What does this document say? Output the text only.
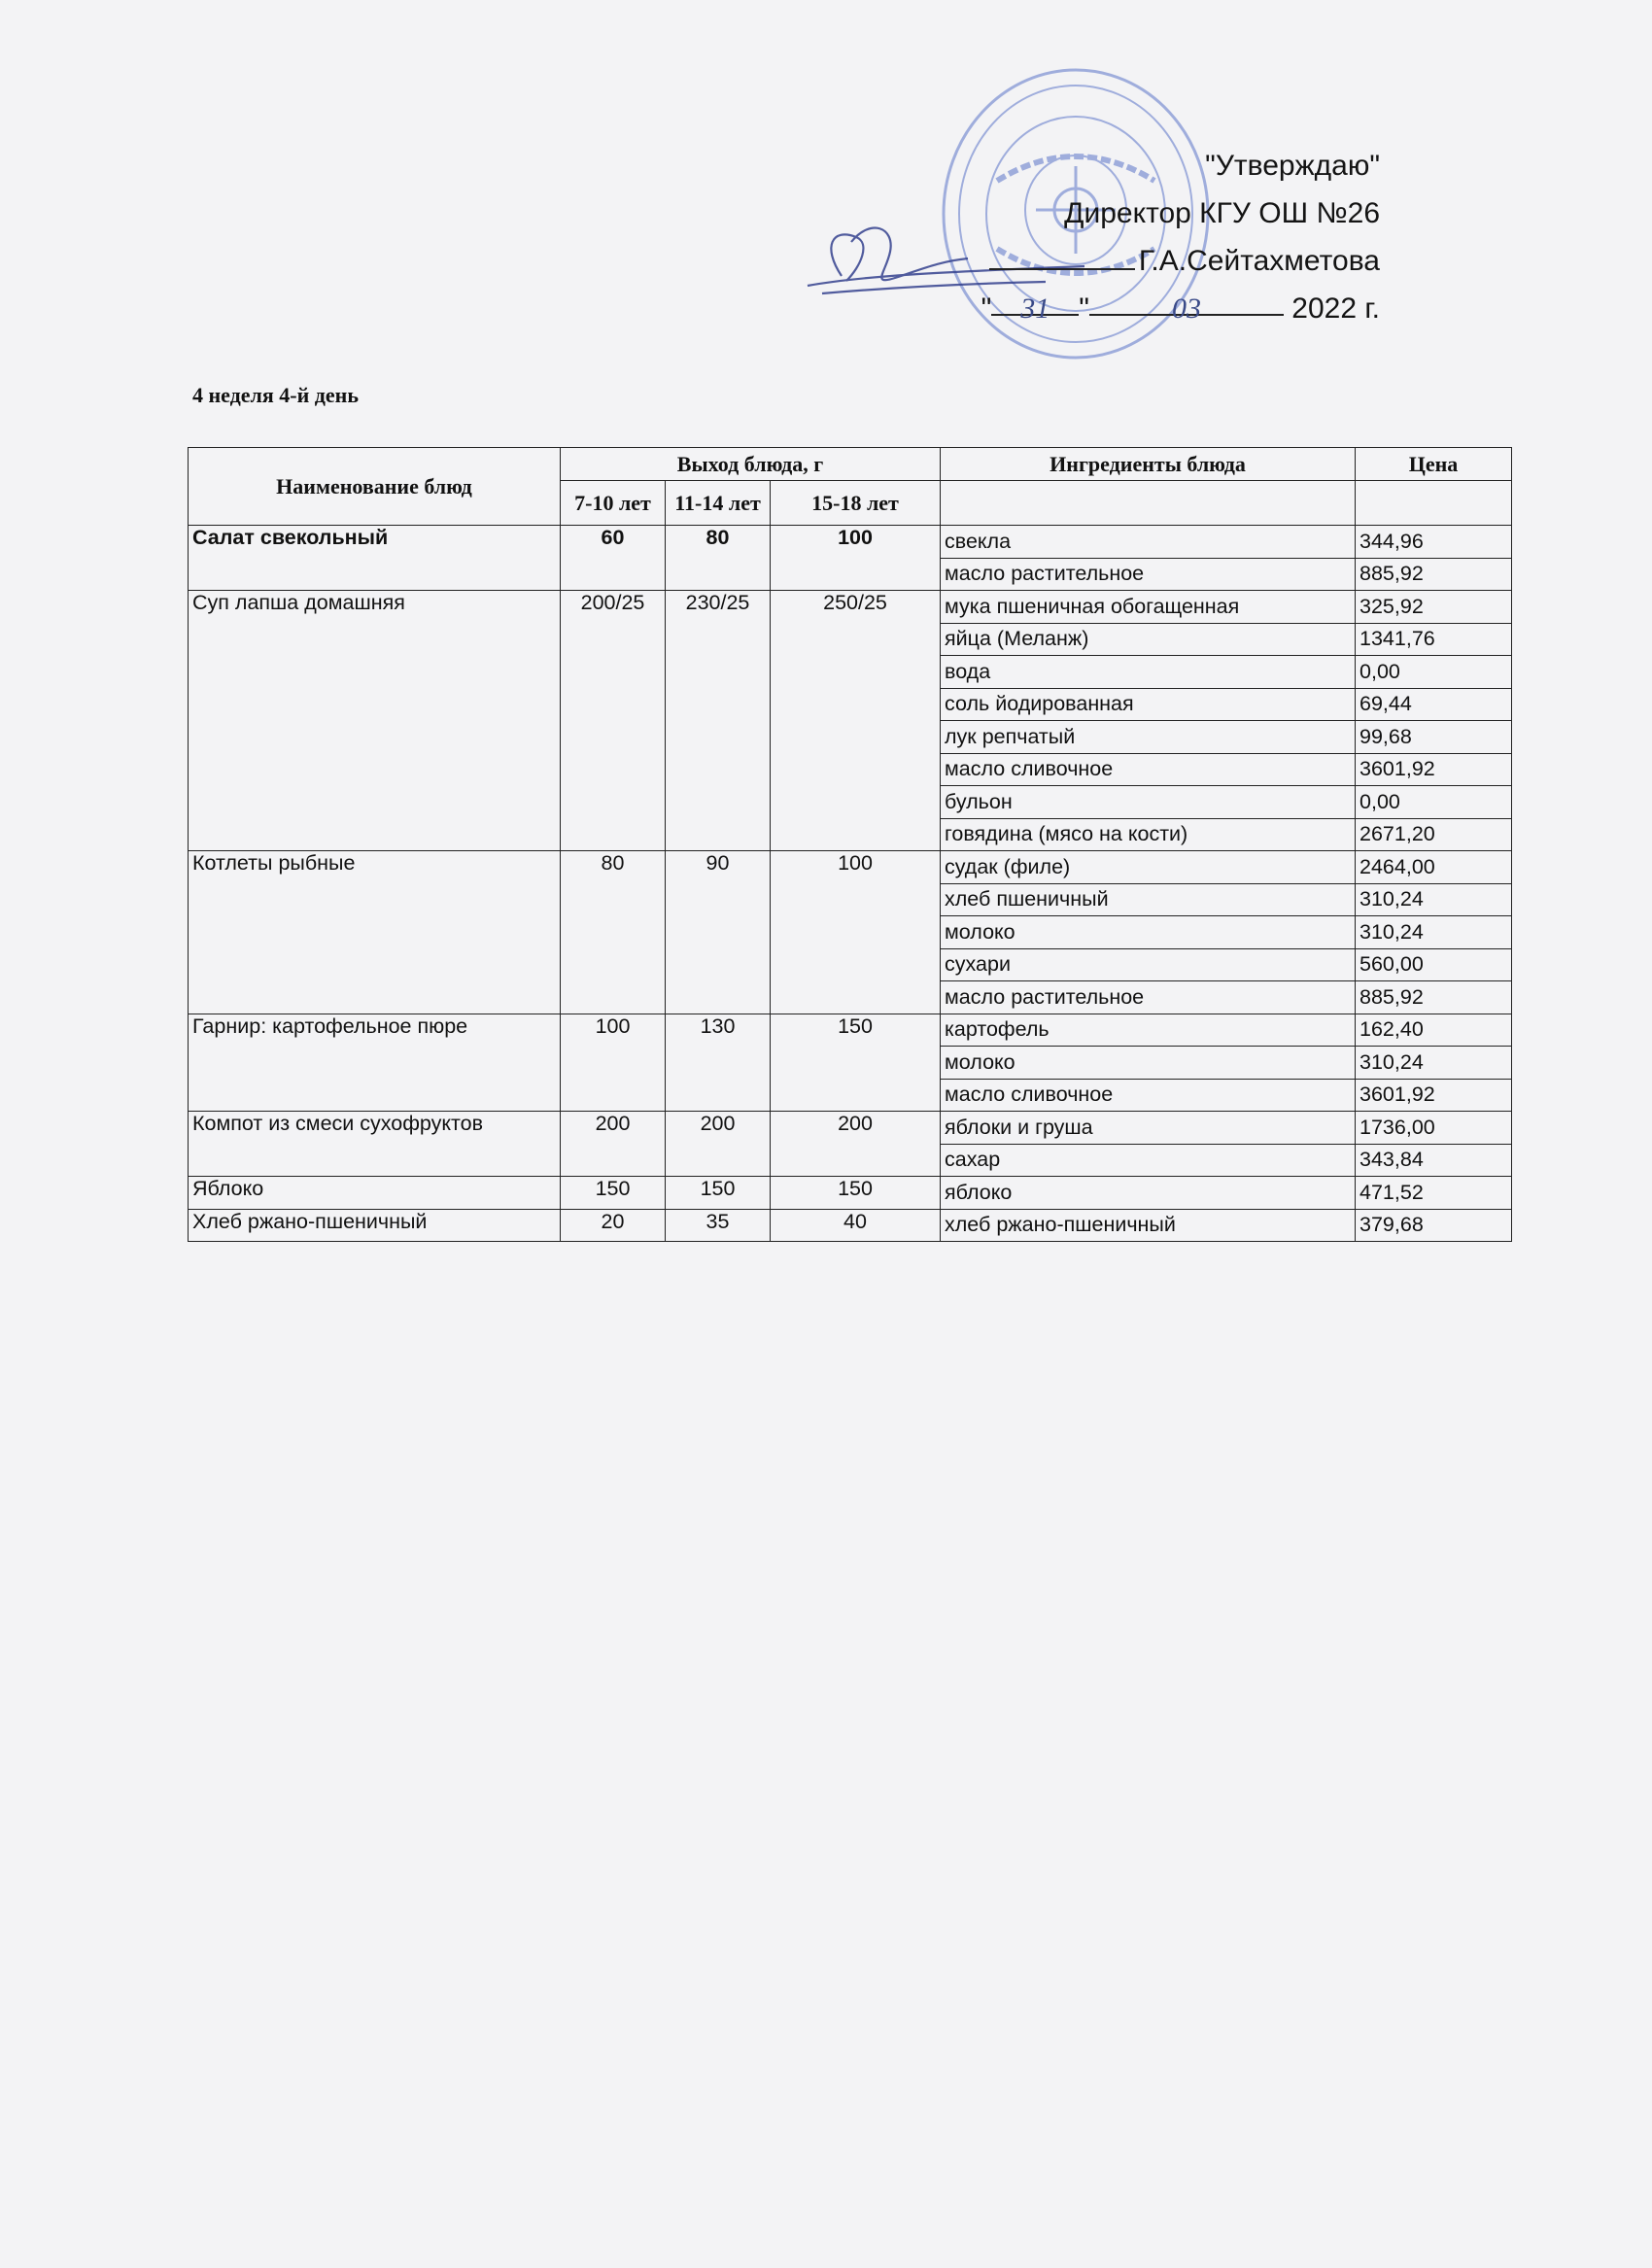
"Утверждаю"
Директор КГУ ОШ №26
Г.А.Сейтахметова
" 31 "	03	2022 г.
4 неделя 4-й день
Наименование блюд	Выход блюда, г			Ингредиенты блюда	Цена
	7-10 лет	11-14 лет	15-18 лет		
Салат свекольный	60	80	100	свекла	344,96
				масло растительное	885,92
Суп лапша домашняя	200/25	230/25	250/25	мука пшеничная обогащенная	325,92
				яйца (Меланж)	1341,76
				вода	0,00
				соль йодированная	69,44
				лук репчатый	99,68
				масло сливочное	3601,92
				бульон	0,00
				говядина (мясо на кости)	2671,20
Котлеты рыбные	80	90	100	судак (филе)	2464,00
				хлеб пшеничный	310,24
				молоко	310,24
				сухари	560,00
				масло растительное	885,92
Гарнир: картофельное пюре	100	130	150	картофель	162,40
				молоко	310,24
				масло сливочное	3601,92
Компот из смеси сухофруктов	200	200	200	яблоки и груша	1736,00
				сахар	343,84
Яблоко	150	150	150	яблоко	471,52
Хлеб ржано-пшеничный	20	35	40	хлеб ржано-пшеничный	379,68
